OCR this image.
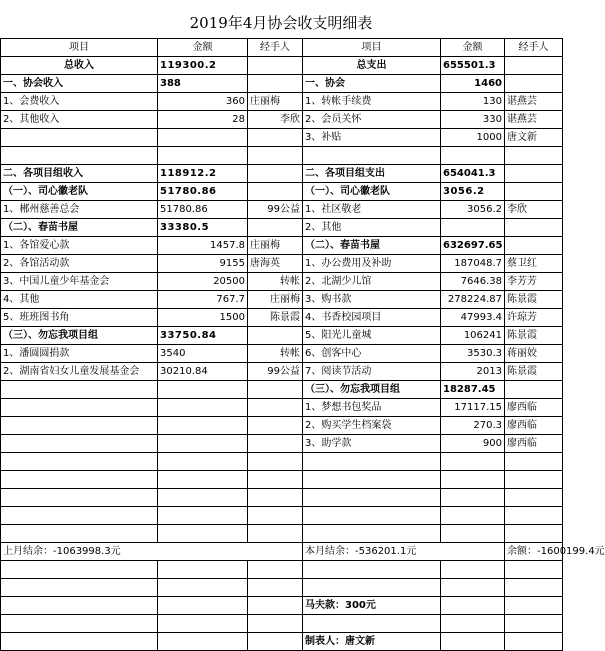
2019年4月协会收支明细表
项目	金额	经手人	项目	金额	经手人
总收入	119300.2		总支出	655501.3	
一、协会收入	388		一、协会	1460	
1、会费收入	360	庄丽梅	1、转帐手续费	130	谌燕芸
2、其他收入	28	李欣	2、会员关怀	330	谌燕芸
			3、补贴	1000	唐文新

二、各项目组收入	118912.2		二、各项目组支出	654041.3	
（一）、司心徽老队	51780.86		（一）、司心徽老队	3056.2	
1、郴州慈善总会	51780.86	99公益	1、社区敬老	3056.2	李欣
（二）、春苗书屋	33380.5		2、其他		
1、各馆爱心款	1457.8	庄丽梅	（二）、春苗书屋	632697.65	
2、各馆活动款	9155	唐海英	1、办公费用及补助	187048.7	蔡卫红
3、中国儿童少年基金会	20500	转帐	2、北湖少儿馆	7646.38	李芳芳
4、其他	767.7	庄丽梅	3、购书款	278224.87	陈景霞
5、班班图书角	1500	陈景霞	4、书香校园项目	47993.4	许琼芳
（三）、勿忘我项目组	33750.84		5、阳光儿童城	106241	陈景霞
1、潘圆圆捐款	3540	转帐	6、创客中心	3530.3	蒋丽姣
2、湖南省妇女儿童发展基金会	30210.84	99公益	7、阅读节活动	2013	陈景霞
			（三）、勿忘我项目组	18287.45	
			1、梦想书包奖品	17117.15	廖西临
			2、购买学生档案袋	270.3	廖西临
			3、助学款	900	廖西临

上月结余：-1063998.3元			本月结余：-536201.1元		余额：-1600199.4元

			马夫款：300元		

			制表人：唐文新		
